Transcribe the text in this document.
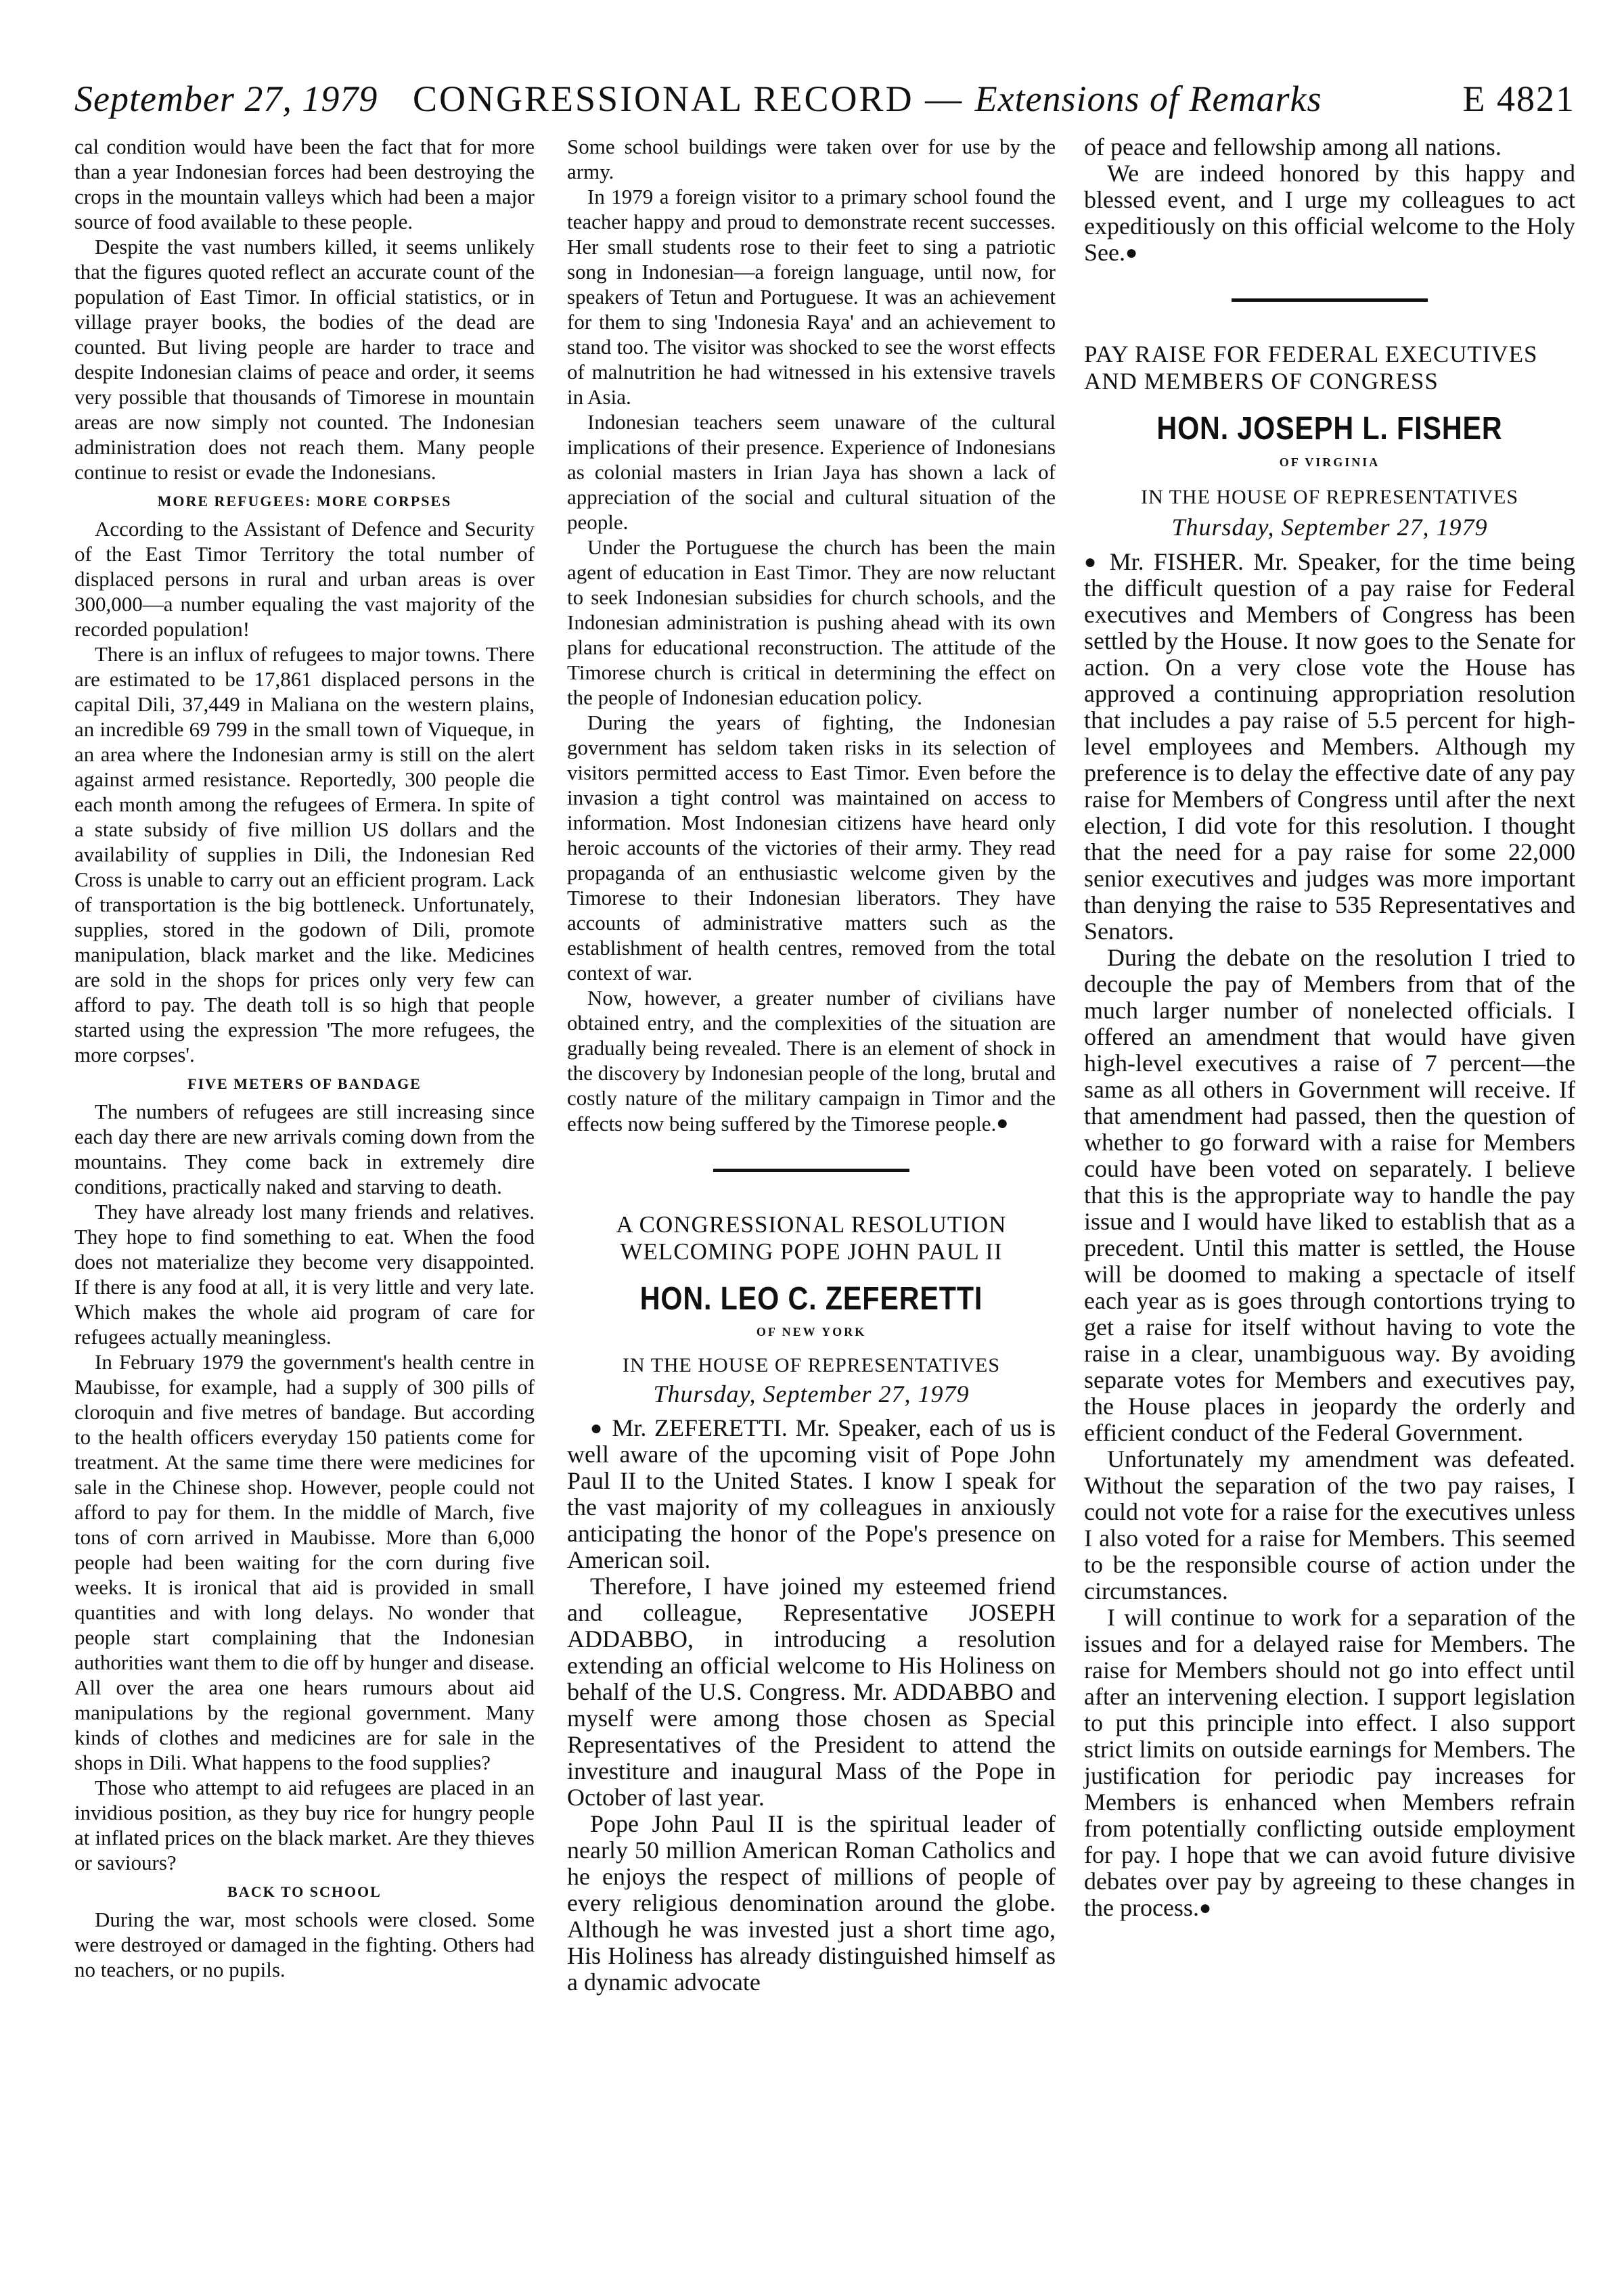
September 27, 1979 CONGRESSIONAL RECORD — Extensions of Remarks	E 4821

cal condition would have been the fact that for more than a year Indonesian forces had been destroying the crops in the mountain valleys which had been a major source of food available to these people.

Despite the vast numbers killed, it seems unlikely that the figures quoted reflect an accurate count of the population of East Timor. In official statistics, or in village prayer books, the bodies of the dead are counted. But living people are harder to trace and despite Indonesian claims of peace and order, it seems very possible that thousands of Timorese in mountain areas are now simply not counted. The Indonesian administration does not reach them. Many people continue to resist or evade the Indonesians.

MORE REFUGEES: MORE CORPSES

According to the Assistant of Defence and Security of the East Timor Territory the total number of displaced persons in rural and urban areas is over 300,000—a number equaling the vast majority of the recorded population!

There is an influx of refugees to major towns. There are estimated to be 17,861 displaced persons in the capital Dili, 37,449 in Maliana on the western plains, an incredible 69 799 in the small town of Viqueque, in an area where the Indonesian army is still on the alert against armed resistance. Reportedly, 300 people die each month among the refugees of Ermera. In spite of a state subsidy of five million US dollars and the availability of supplies in Dili, the Indonesian Red Cross is unable to carry out an efficient program. Lack of transportation is the big bottleneck. Unfortunately, supplies, stored in the godown of Dili, promote manipulation, black market and the like. Medicines are sold in the shops for prices only very few can afford to pay. The death toll is so high that people started using the expression 'The more refugees, the more corpses'.

FIVE METERS OF BANDAGE

The numbers of refugees are still increasing since each day there are new arrivals coming down from the mountains. They come back in extremely dire conditions, practically naked and starving to death.

They have already lost many friends and relatives. They hope to find something to eat. When the food does not materialize they become very disappointed. If there is any food at all, it is very little and very late. Which makes the whole aid program of care for refugees actually meaningless.

In February 1979 the government's health centre in Maubisse, for example, had a supply of 300 pills of cloroquin and five metres of bandage. But according to the health officers everyday 150 patients come for treatment. At the same time there were medicines for sale in the Chinese shop. However, people could not afford to pay for them. In the middle of March, five tons of corn arrived in Maubisse. More than 6,000 people had been waiting for the corn during five weeks. It is ironical that aid is provided in small quantities and with long delays. No wonder that people start complaining that the Indonesian authorities want them to die off by hunger and disease. All over the area one hears rumours about aid manipulations by the regional government. Many kinds of clothes and medicines are for sale in the shops in Dili. What happens to the food supplies?

Those who attempt to aid refugees are placed in an invidious position, as they buy rice for hungry people at inflated prices on the black market. Are they thieves or saviours?

BACK TO SCHOOL

During the war, most schools were closed. Some were destroyed or damaged in the fighting. Others had no teachers, or no pupils.

Some school buildings were taken over for use by the army.

In 1979 a foreign visitor to a primary school found the teacher happy and proud to demonstrate recent successes. Her small students rose to their feet to sing a patriotic song in Indonesian—a foreign language, until now, for speakers of Tetun and Portuguese. It was an achievement for them to sing 'Indonesia Raya' and an achievement to stand too. The visitor was shocked to see the worst effects of malnutrition he had witnessed in his extensive travels in Asia.

Indonesian teachers seem unaware of the cultural implications of their presence. Experience of Indonesians as colonial masters in Irian Jaya has shown a lack of appreciation of the social and cultural situation of the people.

Under the Portuguese the church has been the main agent of education in East Timor. They are now reluctant to seek Indonesian subsidies for church schools, and the Indonesian administration is pushing ahead with its own plans for educational reconstruction. The attitude of the Timorese church is critical in determining the effect on the people of Indonesian education policy.

During the years of fighting, the Indonesian government has seldom taken risks in its selection of visitors permitted access to East Timor. Even before the invasion a tight control was maintained on access to information. Most Indonesian citizens have heard only heroic accounts of the victories of their army. They read propaganda of an enthusiastic welcome given by the Timorese to their Indonesian liberators. They have accounts of administrative matters such as the establishment of health centres, removed from the total context of war.

Now, however, a greater number of civilians have obtained entry, and the complexities of the situation are gradually being revealed. There is an element of shock in the discovery by Indonesian people of the long, brutal and costly nature of the military campaign in Timor and the effects now being suffered by the Timorese people.●

A CONGRESSIONAL RESOLUTION WELCOMING POPE JOHN PAUL II
HON. LEO C. ZEFERETTI
OF NEW YORK
IN THE HOUSE OF REPRESENTATIVES
Thursday, September 27, 1979

● Mr. ZEFERETTI. Mr. Speaker, each of us is well aware of the upcoming visit of Pope John Paul II to the United States. I know I speak for the vast majority of my colleagues in anxiously anticipating the honor of the Pope's presence on American soil.

Therefore, I have joined my esteemed friend and colleague, Representative JOSEPH ADDABBO, in introducing a resolution extending an official welcome to His Holiness on behalf of the U.S. Congress. Mr. ADDABBO and myself were among those chosen as Special Representatives of the President to attend the investiture and inaugural Mass of the Pope in October of last year.

Pope John Paul II is the spiritual leader of nearly 50 million American Roman Catholics and he enjoys the respect of millions of people of every religious denomination around the globe. Although he was invested just a short time ago, His Holiness has already distinguished himself as a dynamic advocate

of peace and fellowship among all nations.

We are indeed honored by this happy and blessed event, and I urge my colleagues to act expeditiously on this official welcome to the Holy See.●

PAY RAISE FOR FEDERAL EXECUTIVES AND MEMBERS OF CONGRESS
HON. JOSEPH L. FISHER
OF VIRGINIA
IN THE HOUSE OF REPRESENTATIVES
Thursday, September 27, 1979

● Mr. FISHER. Mr. Speaker, for the time being the difficult question of a pay raise for Federal executives and Members of Congress has been settled by the House. It now goes to the Senate for action. On a very close vote the House has approved a continuing appropriation resolution that includes a pay raise of 5.5 percent for high-level employees and Members. Although my preference is to delay the effective date of any pay raise for Members of Congress until after the next election, I did vote for this resolution. I thought that the need for a pay raise for some 22,000 senior executives and judges was more important than denying the raise to 535 Representatives and Senators.

During the debate on the resolution I tried to decouple the pay of Members from that of the much larger number of nonelected officials. I offered an amendment that would have given high-level executives a raise of 7 percent—the same as all others in Government will receive. If that amendment had passed, then the question of whether to go forward with a raise for Members could have been voted on separately. I believe that this is the appropriate way to handle the pay issue and I would have liked to establish that as a precedent. Until this matter is settled, the House will be doomed to making a spectacle of itself each year as is goes through contortions trying to get a raise for itself without having to vote the raise in a clear, unambiguous way. By avoiding separate votes for Members and executives pay, the House places in jeopardy the orderly and efficient conduct of the Federal Government.

Unfortunately my amendment was defeated. Without the separation of the two pay raises, I could not vote for a raise for the executives unless I also voted for a raise for Members. This seemed to be the responsible course of action under the circumstances.

I will continue to work for a separation of the issues and for a delayed raise for Members. The raise for Members should not go into effect until after an intervening election. I support legislation to put this principle into effect. I also support strict limits on outside earnings for Members. The justification for periodic pay increases for Members is enhanced when Members refrain from potentially conflicting outside employment for pay. I hope that we can avoid future divisive debates over pay by agreeing to these changes in the process.●
